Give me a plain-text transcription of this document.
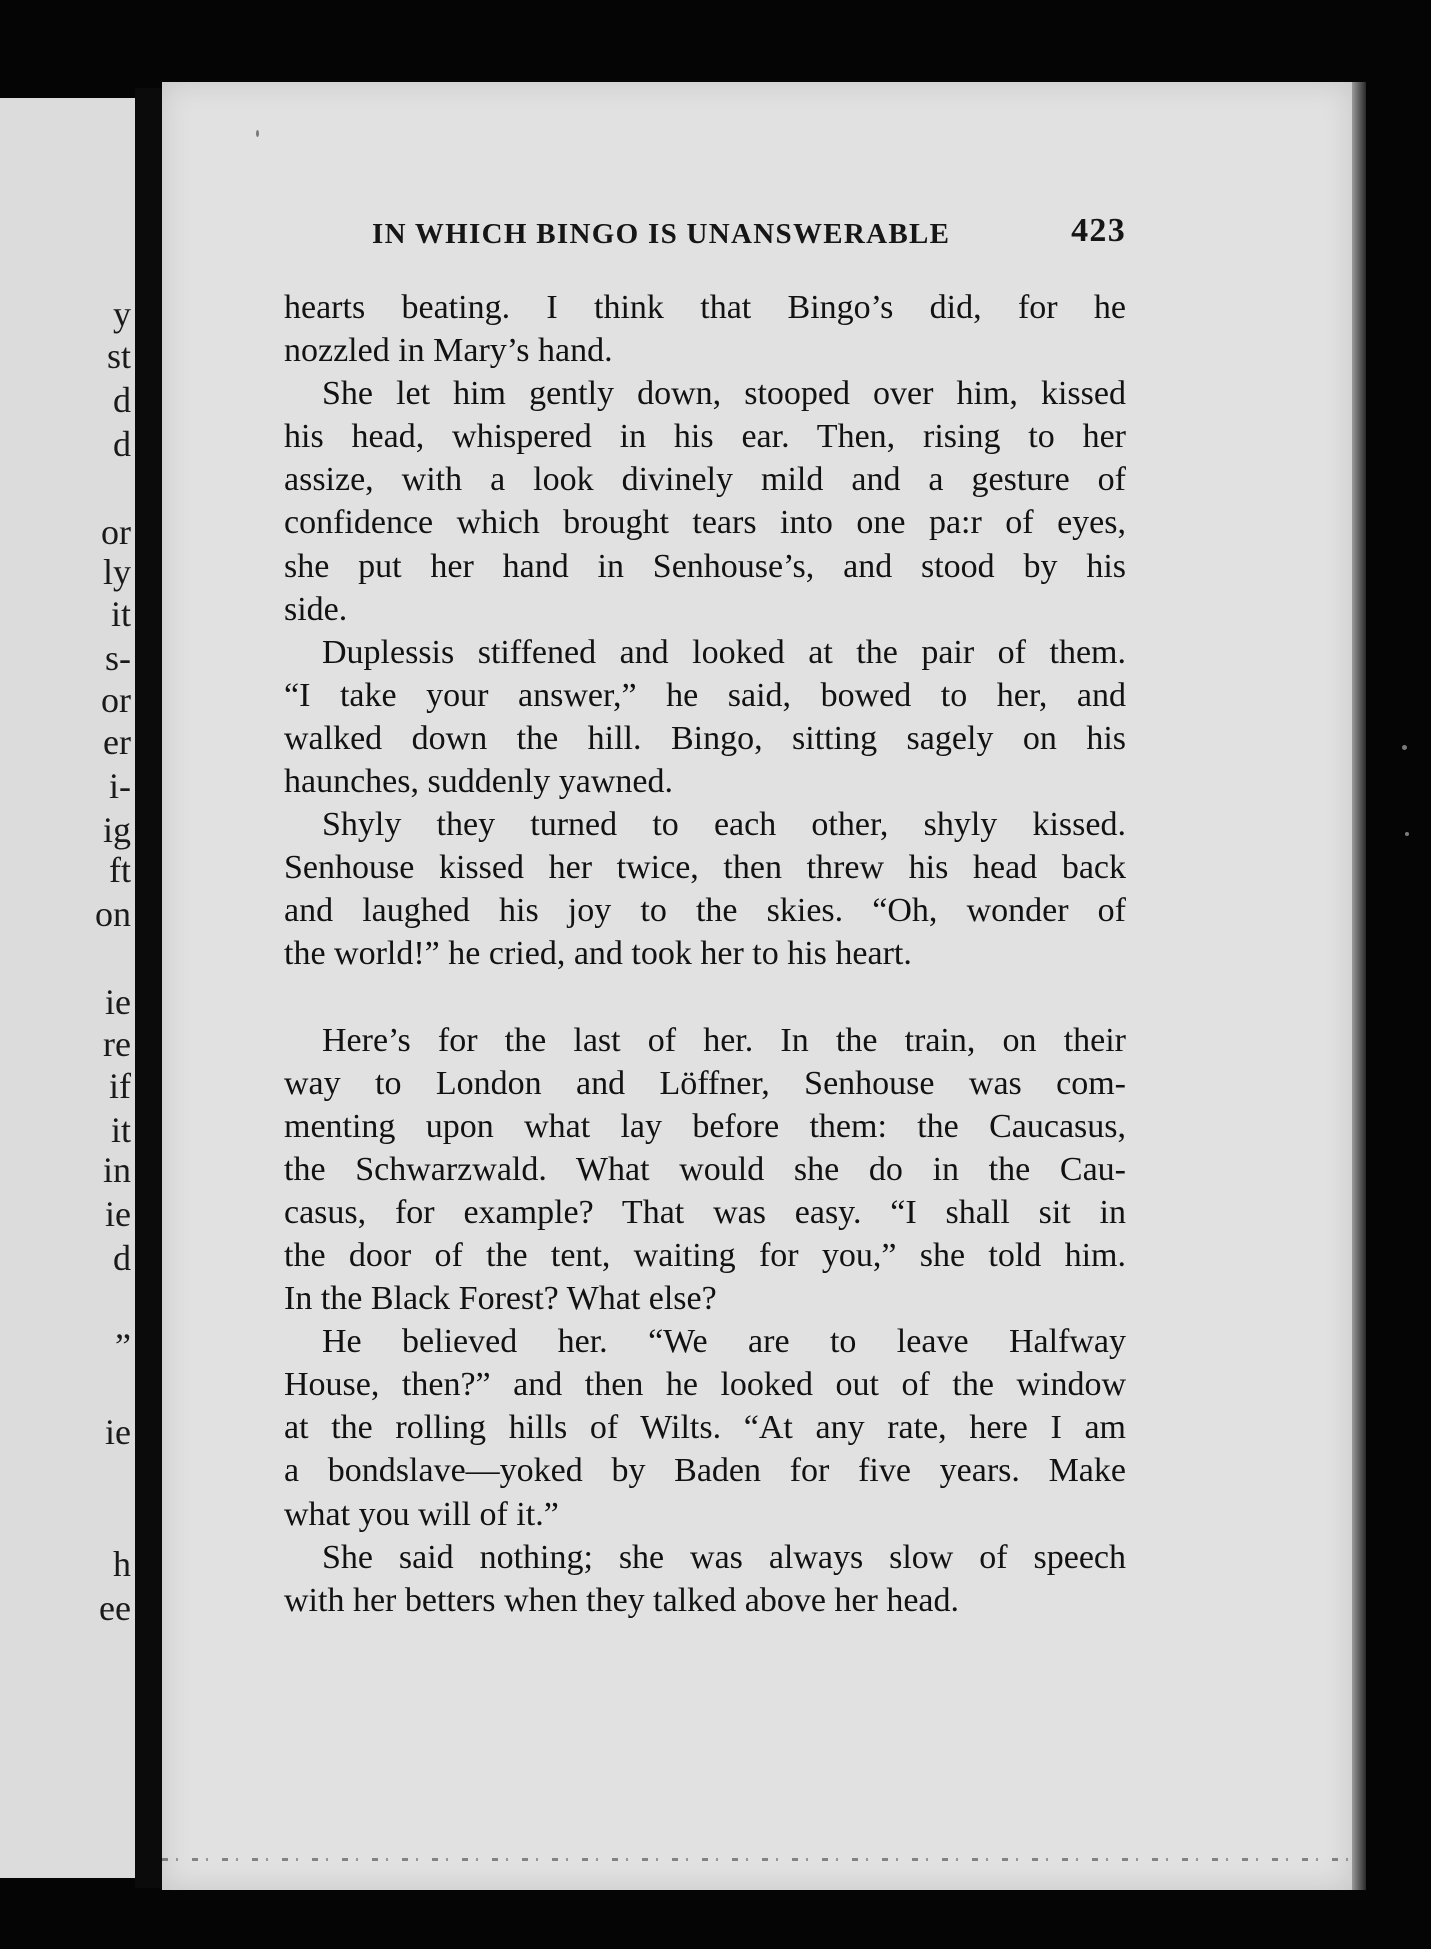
y
st
d
d
or
ly
it
s-
or
er
i-
ig
ft
on
ie
re
if
it
in
ie
d
”
ie
h
ee
IN WHICH BINGO IS UNANSWERABLE	423

hearts beating. I think that Bingo’s did, for he
nozzled in Mary’s hand.

She let him gently down, stooped over him, kissed
his head, whispered in his ear. Then, rising to her
assize, with a look divinely mild and a gesture of
confidence which brought tears into one pa:r of eyes,
she put her hand in Senhouse’s, and stood by his
side.

Duplessis stiffened and looked at the pair of them.
“I take your answer,” he said, bowed to her, and
walked down the hill. Bingo, sitting sagely on his
haunches, suddenly yawned.

Shyly they turned to each other, shyly kissed.
Senhouse kissed her twice, then threw his head back
and laughed his joy to the skies. “Oh, wonder of
the world!” he cried, and took her to his heart.

Here’s for the last of her. In the train, on their
way to London and Löffner, Senhouse was com-
menting upon what lay before them: the Caucasus,
the Schwarzwald. What would she do in the Cau-
casus, for example? That was easy. “I shall sit in
the door of the tent, waiting for you,” she told him.
In the Black Forest? What else?

He believed her. “We are to leave Halfway
House, then?” and then he looked out of the window
at the rolling hills of Wilts. “At any rate, here I am
a bondslave—yoked by Baden for five years. Make
what you will of it.”

She said nothing; she was always slow of speech
with her betters when they talked above her head.
